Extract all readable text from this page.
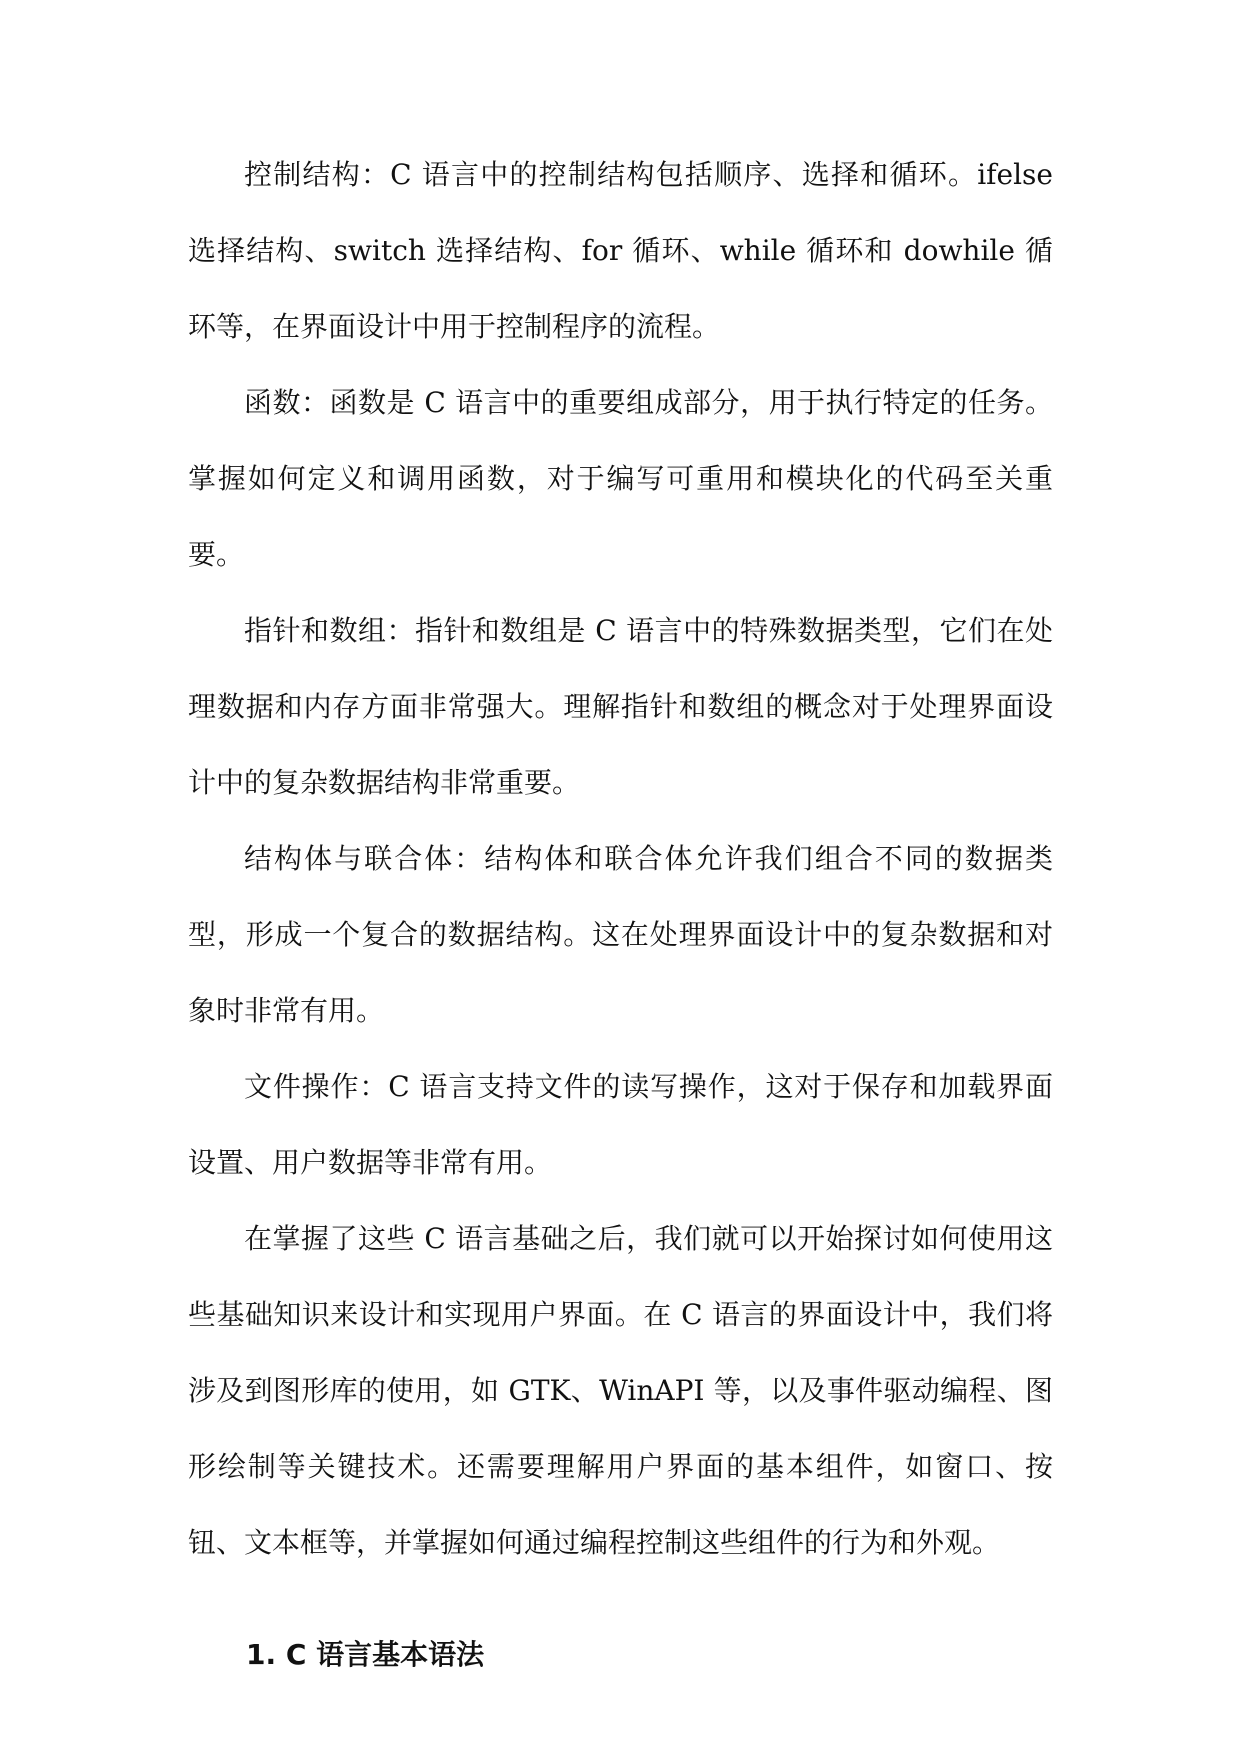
控制结构：C 语言中的控制结构包括顺序、选择和循环。ifelse 选择结构、switch 选择结构、for 循环、while 循环和 dowhile 循环等，在界面设计中用于控制程序的流程。

函数：函数是 C 语言中的重要组成部分，用于执行特定的任务。掌握如何定义和调用函数，对于编写可重用和模块化的代码至关重要。

指针和数组：指针和数组是 C 语言中的特殊数据类型，它们在处理数据和内存方面非常强大。理解指针和数组的概念对于处理界面设计中的复杂数据结构非常重要。

结构体与联合体：结构体和联合体允许我们组合不同的数据类型，形成一个复合的数据结构。这在处理界面设计中的复杂数据和对象时非常有用。

文件操作：C 语言支持文件的读写操作，这对于保存和加载界面设置、用户数据等非常有用。

在掌握了这些 C 语言基础之后，我们就可以开始探讨如何使用这些基础知识来设计和实现用户界面。在 C 语言的界面设计中，我们将涉及到图形库的使用，如 GTK、WinAPI 等，以及事件驱动编程、图形绘制等关键技术。还需要理解用户界面的基本组件，如窗口、按钮、文本框等，并掌握如何通过编程控制这些组件的行为和外观。

1. C 语言基本语法
